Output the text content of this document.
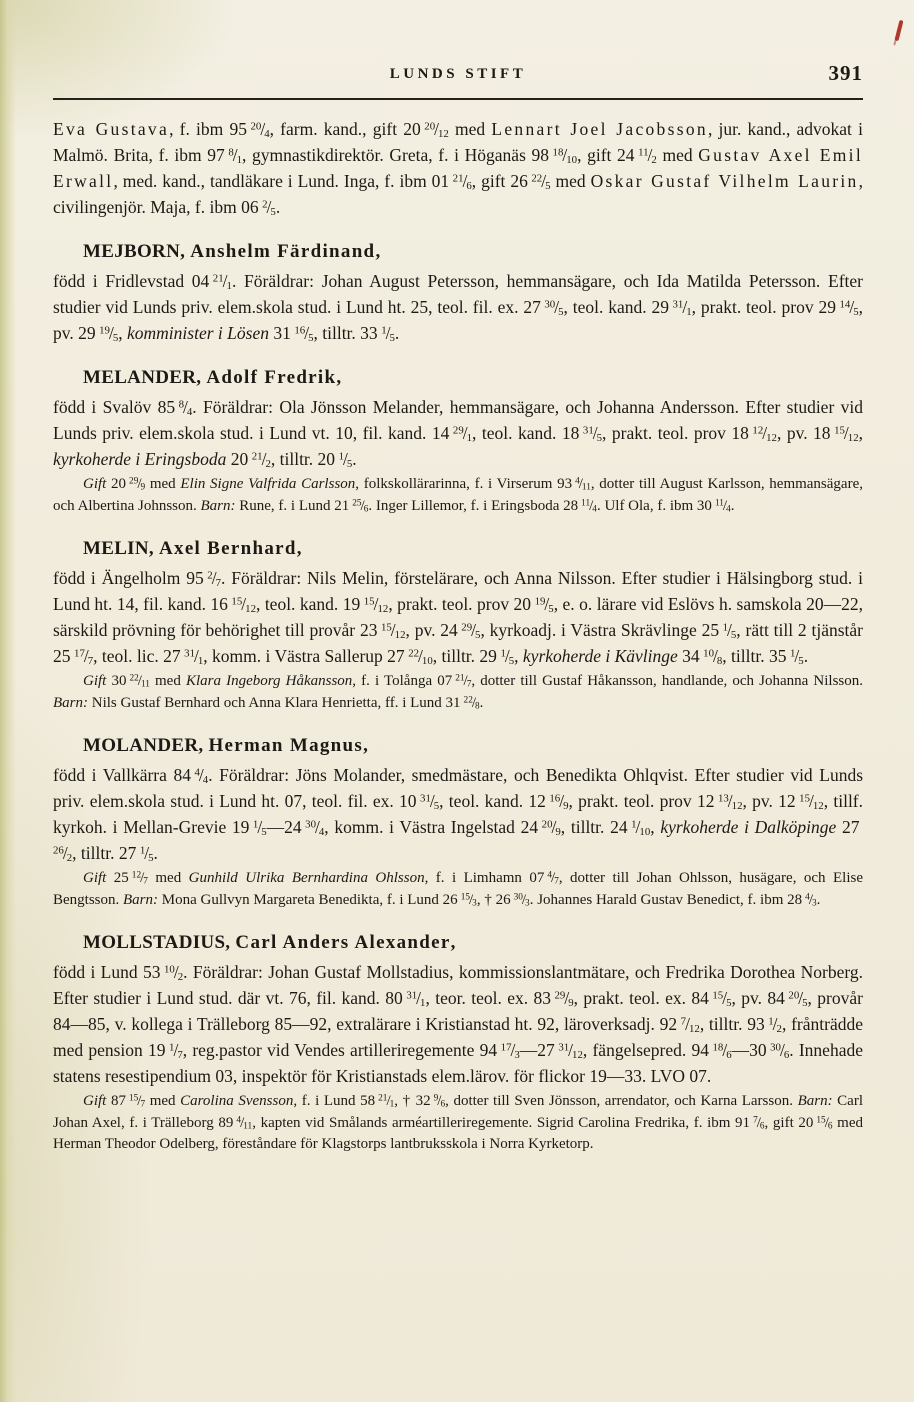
LUNDS STIFT	391

Eva Gustava, f. ibm 95 $^{20}/_4$, farm. kand., gift 20 $^{20}/_{12}$ med Lennart Joel Jacobsson, jur. kand., advokat i Malmö. Brita, f. ibm 97 $^8/_1$, gymnastikdirektör. Greta, f. i Höganäs 98 $^{18}/_{10}$, gift 24 $^{11}/_2$ med Gustav Axel Emil Erwall, med. kand., tandläkare i Lund. Inga, f. ibm 01 $^{21}/_6$, gift 26 $^{22}/_5$ med Oskar Gustaf Vilhelm Laurin, civilingenjör. Maja, f. ibm 06 $^2/_5$.

MEJBORN, Anshelm Färdinand,

född i Fridlevstad 04 $^{21}/_1$. Föräldrar: Johan August Petersson, hemmansägare, och Ida Matilda Petersson. Efter studier vid Lunds priv. elem.skola stud. i Lund ht. 25, teol. fil. ex. 27 $^{30}/_5$, teol. kand. 29 $^{31}/_1$, prakt. teol. prov 29 $^{14}/_5$, pv. 29 $^{19}/_5$, komminister i Lösen 31 $^{16}/_5$, tilltr. 33 $^1/_5$.

MELANDER, Adolf Fredrik,

född i Svalöv 85 $^8/_4$. Föräldrar: Ola Jönsson Melander, hemmansägare, och Johanna Andersson. Efter studier vid Lunds priv. elem.skola stud. i Lund vt. 10, fil. kand. 14 $^{29}/_1$, teol. kand. 18 $^{31}/_5$, prakt. teol. prov 18 $^{12}/_{12}$, pv. 18 $^{15}/_{12}$, kyrkoherde i Eringsboda 20 $^{21}/_2$, tilltr. 20 $^1/_5$.

Gift 20 $^{29}/_9$ med Elin Signe Valfrida Carlsson, folkskollärarinna, f. i Virserum 93 $^4/_{11}$, dotter till August Karlsson, hemmansägare, och Albertina Johnsson. Barn: Rune, f. i Lund 21 $^{25}/_6$. Inger Lillemor, f. i Eringsboda 28 $^{11}/_4$. Ulf Ola, f. ibm 30 $^{11}/_4$.

MELIN, Axel Bernhard,

född i Ängelholm 95 $^2/_7$. Föräldrar: Nils Melin, förstelärare, och Anna Nilsson. Efter studier i Hälsingborg stud. i Lund ht. 14, fil. kand. 16 $^{15}/_{12}$, teol. kand. 19 $^{15}/_{12}$, prakt. teol. prov 20 $^{19}/_5$, e. o. lärare vid Eslövs h. samskola 20—22, särskild prövning för behörighet till provår 23 $^{15}/_{12}$, pv. 24 $^{29}/_5$, kyrkoadj. i Västra Skrävlinge 25 $^1/_5$, rätt till 2 tjänstår 25 $^{17}/_7$, teol. lic. 27 $^{31}/_1$, komm. i Västra Sallerup 27 $^{22}/_{10}$, tilltr. 29 $^1/_5$, kyrkoherde i Kävlinge 34 $^{10}/_8$, tilltr. 35 $^1/_5$.

Gift 30 $^{22}/_{11}$ med Klara Ingeborg Håkansson, f. i Tolånga 07 $^{21}/_7$, dotter till Gustaf Håkansson, handlande, och Johanna Nilsson. Barn: Nils Gustaf Bernhard och Anna Klara Henrietta, ff. i Lund 31 $^{22}/_8$.

MOLANDER, Herman Magnus,

född i Vallkärra 84 $^4/_4$. Föräldrar: Jöns Molander, smedmästare, och Benedikta Ohlqvist. Efter studier vid Lunds priv. elem.skola stud. i Lund ht. 07, teol. fil. ex. 10 $^{31}/_5$, teol. kand. 12 $^{16}/_9$, prakt. teol. prov 12 $^{13}/_{12}$, pv. 12 $^{15}/_{12}$, tillf. kyrkoh. i Mellan-Grevie 19 $^1/_5—24$ $^{30}/_4$, komm. i Västra Ingelstad 24 $^{20}/_9$, tilltr. 24 $^1/_{10}$, kyrkoherde i Dalköpinge 27 $^{26}/_2$, tilltr. 27 $^1/_5$.

Gift 25 $^{12}/_7$ med Gunhild Ulrika Bernhardina Ohlsson, f. i Limhamn 07 $^4/_7$, dotter till Johan Ohlsson, husägare, och Elise Bengtsson. Barn: Mona Gullvyn Margareta Benedikta, f. i Lund 26 $^{15}/_3$, † 26 $^{30}/_3$. Johannes Harald Gustav Benedict, f. ibm 28 $^4/_3$.

MOLLSTADIUS, Carl Anders Alexander,

född i Lund 53 $^{10}/_2$. Föräldrar: Johan Gustaf Mollstadius, kommissionslantmätare, och Fredrika Dorothea Norberg. Efter studier i Lund stud. där vt. 76, fil. kand. 80 $^{31}/_1$, teor. teol. ex. 83 $^{29}/_9$, prakt. teol. ex. 84 $^{15}/_5$, pv. 84 $^{20}/_5$, provår 84—85, v. kollega i Trälleborg 85—92, extralärare i Kristianstad ht. 92, läroverksadj. 92 $^7/_{12}$, tilltr. 93 $^1/_2$, frånträdde med pension 19 $^1/_7$, reg.pastor vid Vendes artilleriregemente 94 $^{17}/_3—27$ $^{31}/_{12}$, fängelsepred. 94 $^{18}/_6—30$ $^{30}/_6$. Innehade statens resestipendium 03, inspektör för Kristianstads elem.lärov. för flickor 19—33. LVO 07.

Gift 87 $^{15}/_7$ med Carolina Svensson, f. i Lund 58 $^{21}/_1$, † 32 $^9/_6$, dotter till Sven Jönsson, arrendator, och Karna Larsson. Barn: Carl Johan Axel, f. i Trälleborg 89 $^4/_{11}$, kapten vid Smålands arméartilleriregemente. Sigrid Carolina Fredrika, f. ibm 91 $^7/_6$, gift 20 $^{15}/_6$ med Herman Theodor Odelberg, föreståndare för Klagstorps lantbruksskola i Norra Kyrketorp.
